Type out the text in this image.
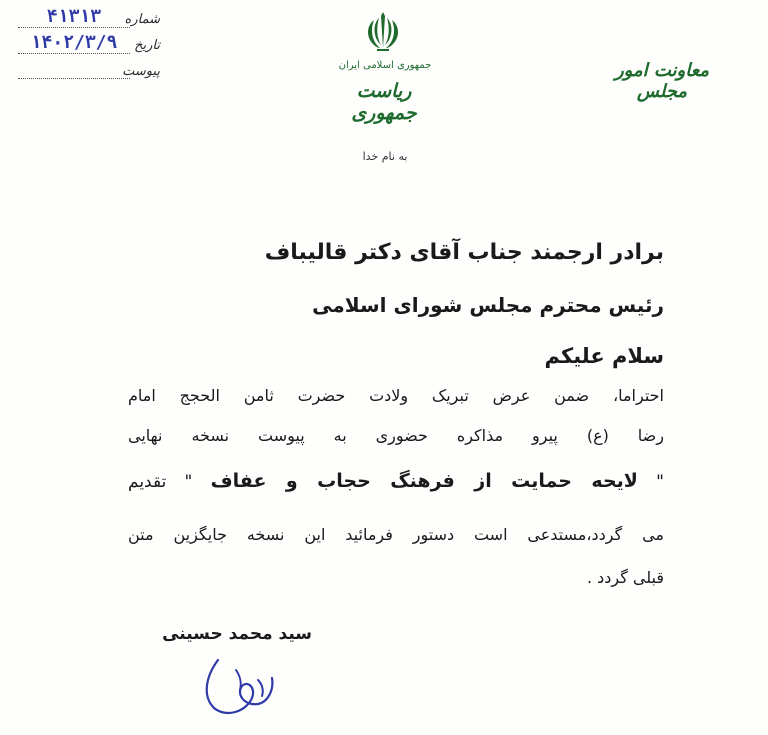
شماره
۴۱۳۱۳
تاریخ
۱۴۰۲/۳/۹
پیوست	جمهوری اسلامی ایران
ریاست جمهوری
معاونت امور مجلس
به نام خدا
برادر ارجمند جناب آقای دکتر قالیباف
رئیس محترم مجلس شورای اسلامی
سلام علیکم
احتراما، ضمن عرض تبریک ولادت حضرت ثامن الحجج امام
رضا (ع) پیرو مذاکره حضوری به پیوست نسخه نهایی
" لایحه حمایت از فرهنگ حجاب و عفاف " تقدیم
می گردد،مستدعی است دستور فرمائید این نسخه جایگزین متن
قبلی گردد .
سید محمد حسینی
